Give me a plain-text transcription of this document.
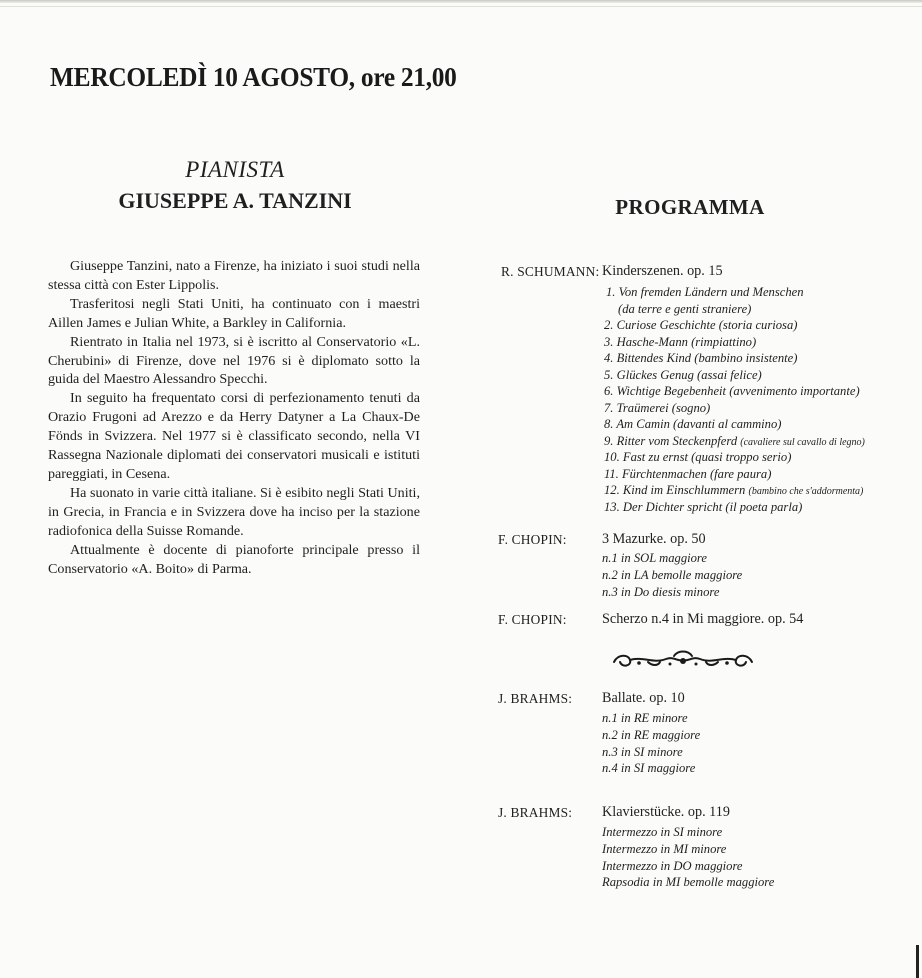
MERCOLEDÌ 10 AGOSTO, ore 21,00
PIANISTA
GIUSEPPE A. TANZINI	PROGRAMMA

Giuseppe Tanzini, nato a Firenze, ha iniziato i suoi studi nella stessa città con Ester Lippolis.

Trasferitosi negli Stati Uniti, ha continuato con i maestri Aillen James e Julian White, a Barkley in California.

Rientrato in Italia nel 1973, si è iscritto al Conservatorio «L. Cherubini» di Firenze, dove nel 1976 si è diplomato sotto la guida del Maestro Alessandro Specchi.

In seguito ha frequentato corsi di perfezionamento tenuti da Orazio Frugoni ad Arezzo e da Herry Datyner a La Chaux-De Fönds in Svizzera. Nel 1977 si è classificato secondo, nella VI Rassegna Nazionale diplomati dei conservatori musicali e istituti pareggiati, in Cesena.

Ha suonato in varie città italiane. Si è esibito negli Stati Uniti, in Grecia, in Francia e in Svizzera dove ha inciso per la stazione radiofonica della Suisse Romande.

Attualmente è docente di pianoforte principale presso il Conservatorio «A. Boito» di Parma.

R. SCHUMANN: Kinderszenen. op. 15
1. Von fremden Ländern und Menschen
(da terre e genti straniere)
2. Curiose Geschichte (storia curiosa)
3. Hasche-Mann (rimpiattino)
4. Bittendes Kind (bambino insistente)
5. Glückes Genug (assai felice)
6. Wichtige Begebenheit (avvenimento importante)
7. Traümerei (sogno)
8. Am Camin (davanti al cammino)
9. Ritter vom Steckenpferd (cavaliere sul cavallo di legno)
10. Fast zu ernst (quasi troppo serio)
11. Fürchtenmachen (fare paura)
12. Kind im Einschlummern (bambino che s'addormenta)
13. Der Dichter spricht (il poeta parla)
F. CHOPIN: 3 Mazurke. op. 50
n.1 in SOL maggiore
n.2 in LA bemolle maggiore
n.3 in Do diesis minore
F. CHOPIN: Scherzo n.4 in Mi maggiore. op. 54
J. BRAHMS: Ballate. op. 10
n.1 in RE minore
n.2 in RE maggiore
n.3 in SI minore
n.4 in SI maggiore
J. BRAHMS: Klavierstücke. op. 119
Intermezzo in SI minore
Intermezzo in MI minore
Intermezzo in DO maggiore
Rapsodia in MI bemolle maggiore
